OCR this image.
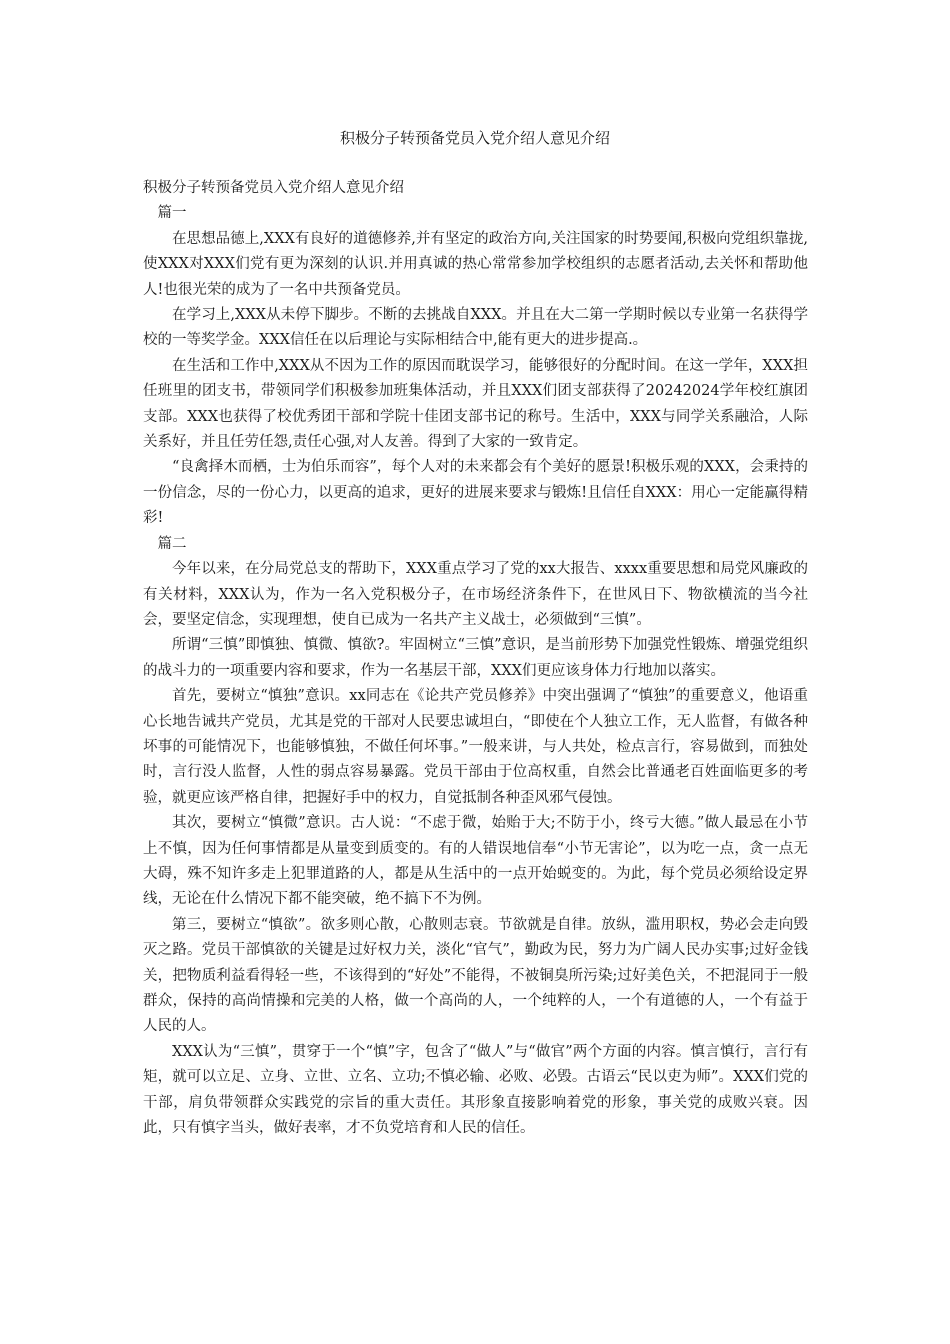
积极分子转预备党员入党介绍人意见介绍

积极分子转预备党员入党介绍人意见介绍

篇一

在思想品德上,XXX有良好的道德修养,并有坚定的政治方向,关注国家的时势要闻,积极向党组织靠拢,使XXX对XXX们党有更为深刻的认识.并用真诚的热心常常参加学校组织的志愿者活动,去关怀和帮助他人!也很光荣的成为了一名中共预备党员。

在学习上,XXX从未停下脚步。不断的去挑战自XXX。并且在大二第一学期时候以专业第一名获得学校的一等奖学金。XXX信任在以后理论与实际相结合中,能有更大的进步提高.。

在生活和工作中,XXX从不因为工作的原因而耽误学习，能够很好的分配时间。在这一学年，XXX担任班里的团支书，带领同学们积极参加班集体活动，并且XXX们团支部获得了20242024学年校红旗团支部。XXX也获得了校优秀团干部和学院十佳团支部书记的称号。生活中，XXX与同学关系融洽，人际关系好，并且任劳任怨,责任心强,对人友善。得到了大家的一致肯定。

“良禽择木而栖，士为伯乐而容”，每个人对的未来都会有个美好的愿景!积极乐观的XXX，会秉持的一份信念，尽的一份心力，以更高的追求，更好的进展来要求与锻炼!且信任自XXX：用心一定能赢得精彩!

篇二

今年以来，在分局党总支的帮助下，XXX重点学习了党的xx大报告、xxxx重要思想和局党风廉政的有关材料，XXX认为，作为一名入党积极分子，在市场经济条件下，在世风日下、物欲横流的当今社会，要坚定信念，实现理想，使自已成为一名共产主义战士，必须做到“三慎”。

所谓“三慎”即慎独、慎微、慎欲?。牢固树立“三慎”意识，是当前形势下加强党性锻炼、增强党组织的战斗力的一项重要内容和要求，作为一名基层干部，XXX们更应该身体力行地加以落实。

首先，要树立“慎独”意识。xx同志在《论共产党员修养》中突出强调了“慎独”的重要意义，他语重心长地告诫共产党员，尤其是党的干部对人民要忠诚坦白，“即使在个人独立工作，无人监督，有做各种坏事的可能情况下，也能够慎独，不做任何坏事。”一般来讲，与人共处，检点言行，容易做到，而独处时，言行没人监督，人性的弱点容易暴露。党员干部由于位高权重，自然会比普通老百姓面临更多的考验，就更应该严格自律，把握好手中的权力，自觉抵制各种歪风邪气侵蚀。

其次，要树立“慎微”意识。古人说：“不虑于微，始贻于大;不防于小，终亏大德。”做人最忌在小节上不慎，因为任何事情都是从量变到质变的。有的人错误地信奉“小节无害论”，以为吃一点，贪一点无大碍，殊不知许多走上犯罪道路的人，都是从生活中的一点开始蜕变的。为此，每个党员必须给设定界线，无论在什么情况下都不能突破，绝不搞下不为例。

第三，要树立“慎欲”。欲多则心散，心散则志衰。节欲就是自律。放纵，滥用职权，势必会走向毁灭之路。党员干部慎欲的关键是过好权力关，淡化“官气”，勤政为民，努力为广阔人民办实事;过好金钱关，把物质利益看得轻一些，不该得到的“好处”不能得，不被铜臭所污染;过好美色关，不把混同于一般群众，保持的高尚情操和完美的人格，做一个高尚的人，一个纯粹的人，一个有道德的人，一个有益于人民的人。

XXX认为“三慎”，贯穿于一个“慎”字，包含了“做人”与“做官”两个方面的内容。慎言慎行，言行有矩，就可以立足、立身、立世、立名、立功;不慎必输、必败、必毁。古语云“民以吏为师”。XXX们党的干部，肩负带领群众实践党的宗旨的重大责任。其形象直接影响着党的形象，事关党的成败兴衰。因此，只有慎字当头，做好表率，才不负党培育和人民的信任。
